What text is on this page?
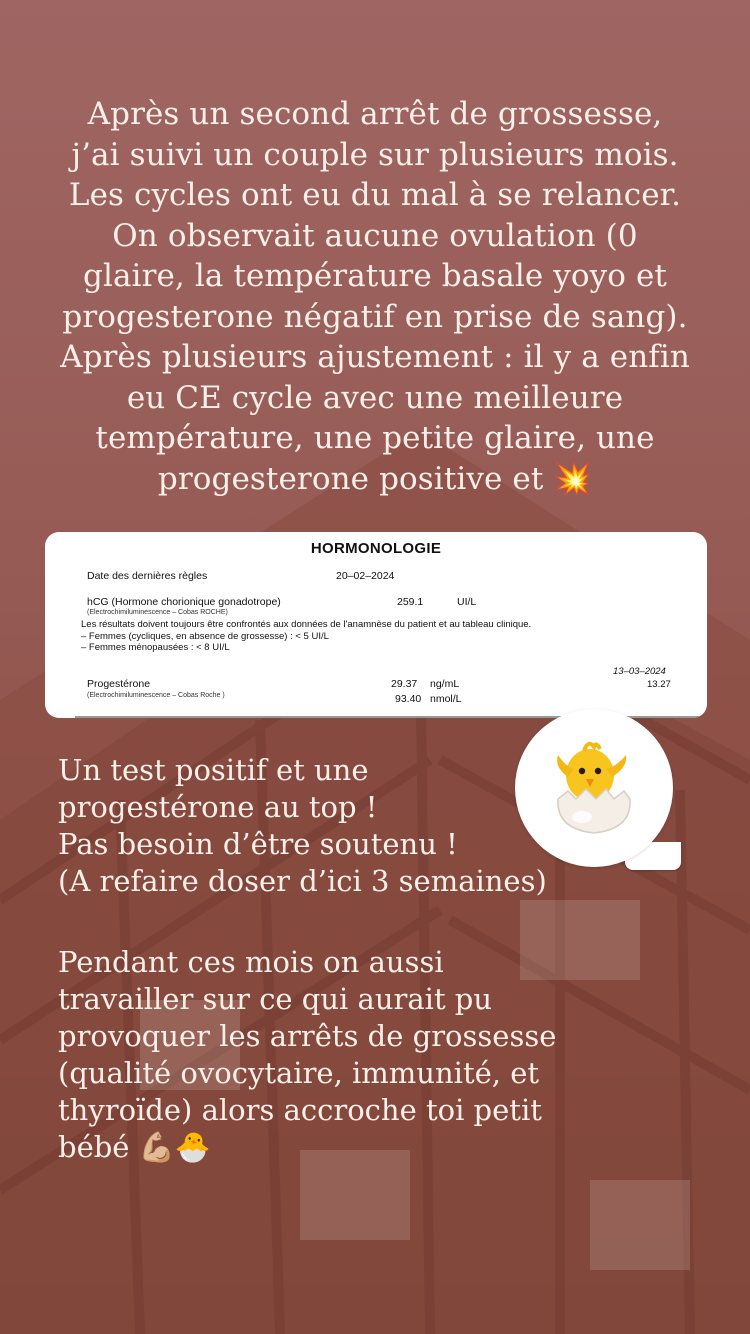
Après un second arrêt de grossesse,

j’ai suivi un couple sur plusieurs mois.

Les cycles ont eu du mal à se relancer.

On observait aucune ovulation (0

glaire, la température basale yoyo et

progesterone négatif en prise de sang).

Après plusieurs ajustement : il y a enfin

eu CE cycle avec une meilleure

température, une petite glaire, une

progesterone positive et 💥

HORMONOLOGIE
Date des dernières règles	20–02–2024
hCG (Hormone chorionique gonadotrope)
(Electrochimiluminescence – Cobas ROCHE)
259.1	UI/L
Les résultats doivent toujours être confrontés aux données de l'anamnèse du patient et au tableau clinique.
– Femmes (cycliques, en absence de grossesse) : < 5 UI/L
– Femmes ménopausées : < 8 UI/L
13–03–2024
13.27
Progestérone
(Electrochimiluminescence – Cobas Roche )
29.37 ng/mL
93.40 nmol/L

Un test positif et une

progestérone au top !

Pas besoin d’être soutenu !

(A refaire doser d’ici 3 semaines)

Pendant ces mois on aussi

travailler sur ce qui aurait pu

provoquer les arrêts de grossesse

(qualité ovocytaire, immunité, et

thyroïde) alors accroche toi petit

bébé 💪🏼🐣
